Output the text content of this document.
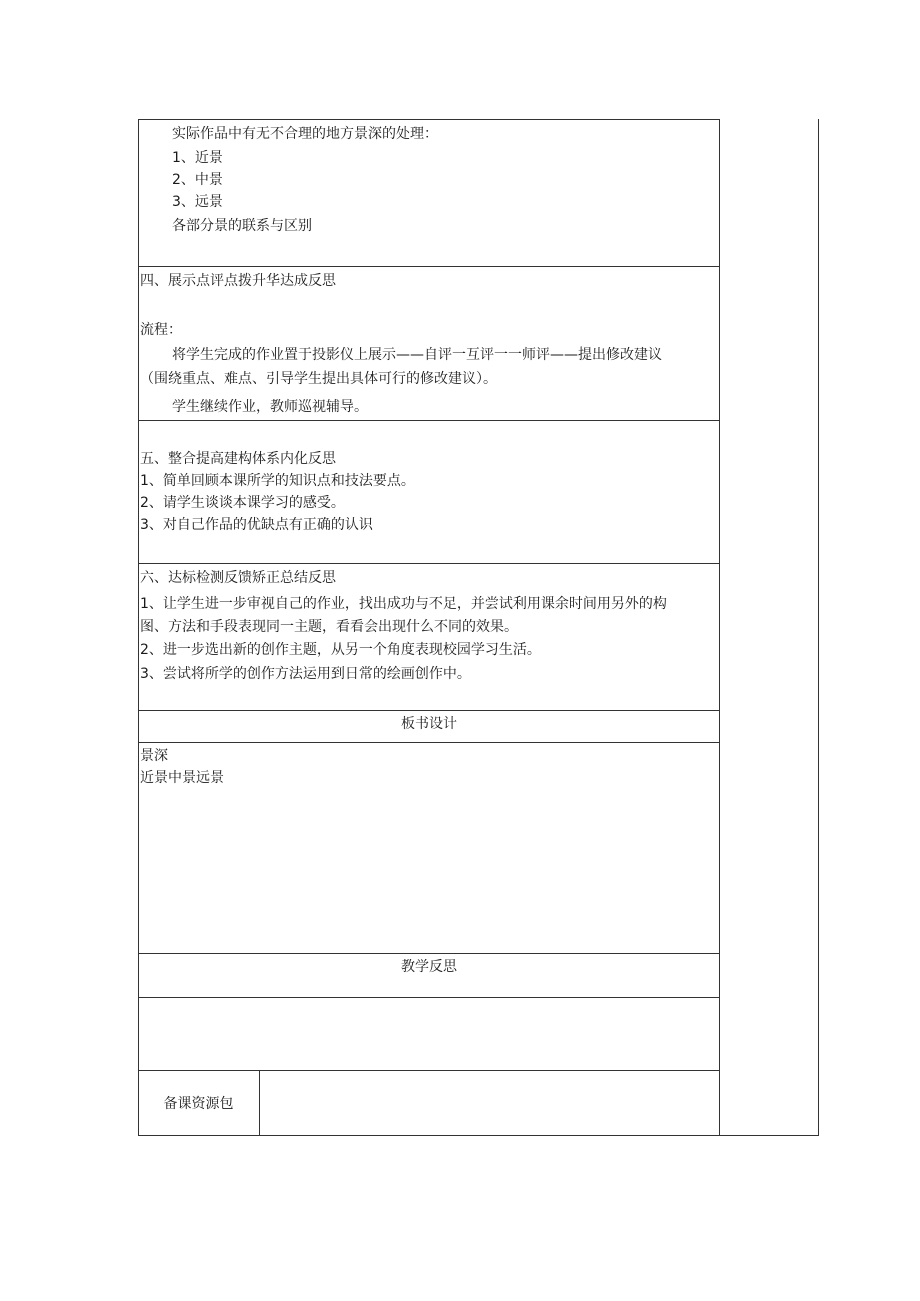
实际作品中有无不合理的地方景深的处理：
1、近景
2、中景
3、远景
各部分景的联系与区别
四、展示点评点拨升华达成反思
流程：
将学生完成的作业置于投影仪上展示——自评一互评一一师评——提出修改建议
（围绕重点、难点、引导学生提出具体可行的修改建议）。
学生继续作业，教师巡视辅导。
五、整合提高建构体系内化反思
1、简单回顾本课所学的知识点和技法要点。
2、请学生谈谈本课学习的感受。
3、对自己作品的优缺点有正确的认识
六、达标检测反馈矫正总结反思
1、让学生进一步审视自己的作业，找出成功与不足，并尝试利用课余时间用另外的构
图、方法和手段表现同一主题，看看会出现什么不同的效果。
2、进一步选出新的创作主题，从另一个角度表现校园学习生活。
3、尝试将所学的创作方法运用到日常的绘画创作中。
板书设计
景深
近景中景远景
教学反思
备课资源包
